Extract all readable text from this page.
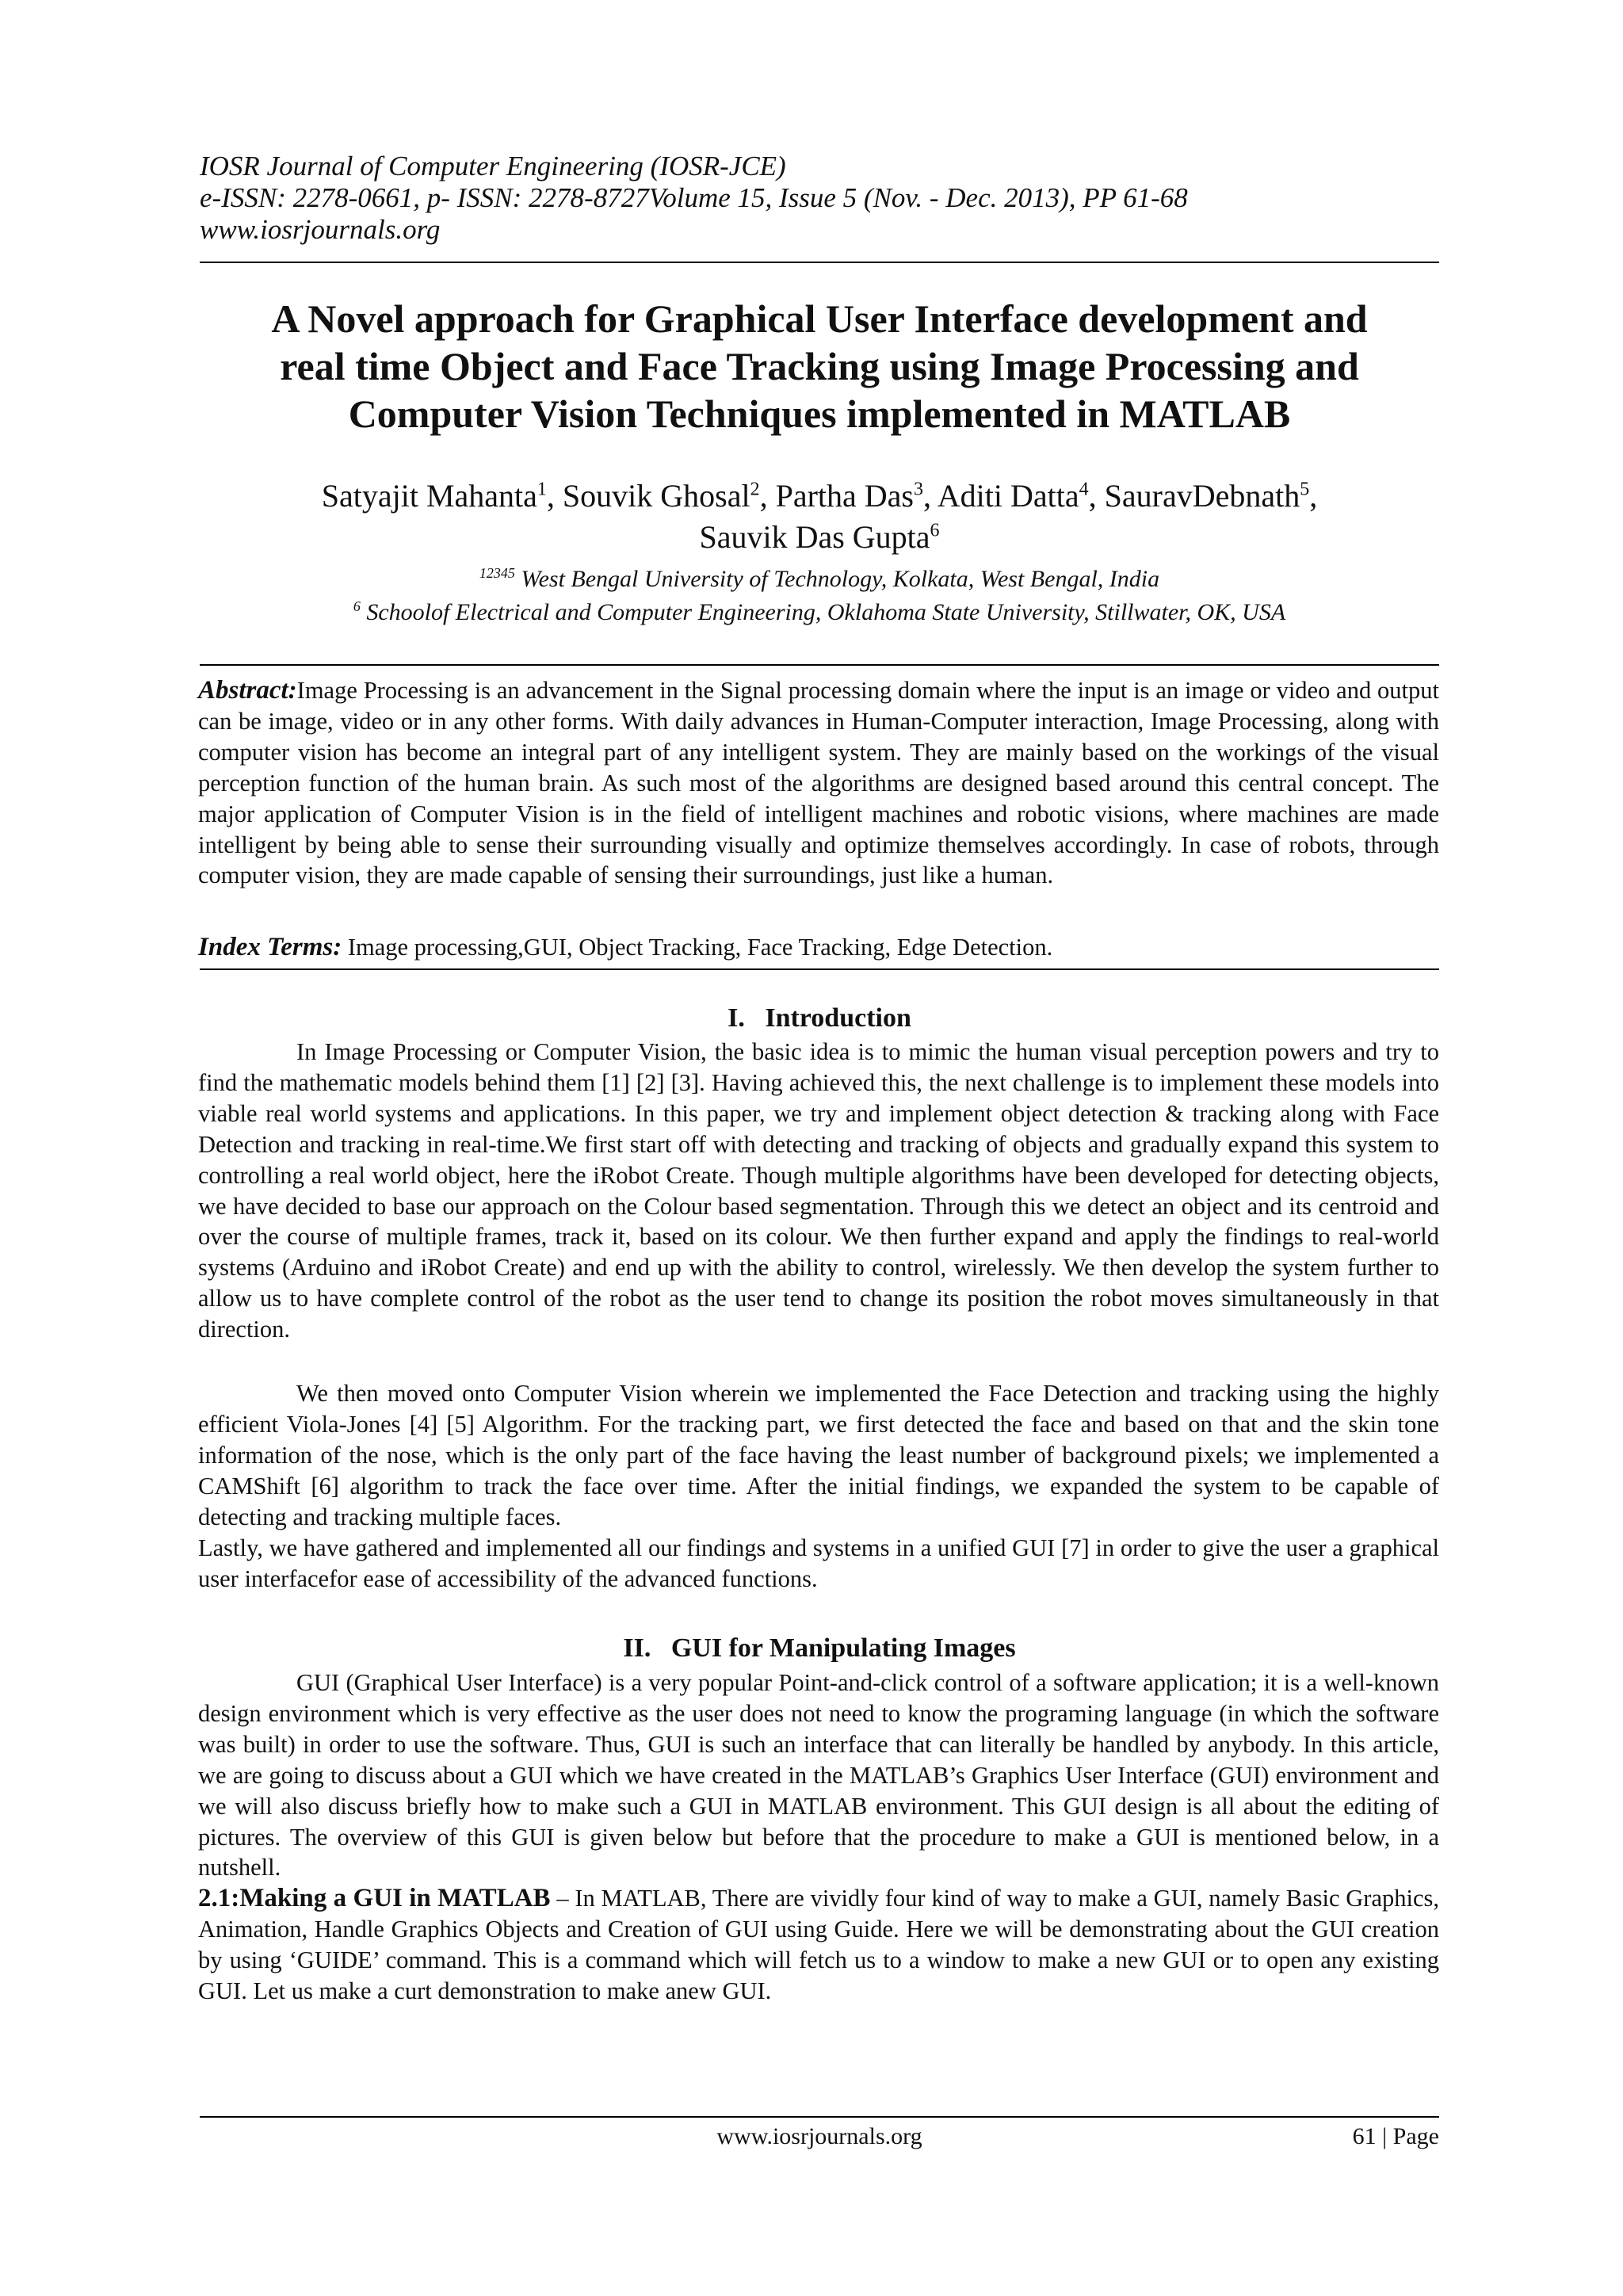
IOSR Journal of Computer Engineering (IOSR-JCE)
e-ISSN: 2278-0661, p- ISSN: 2278-8727Volume 15, Issue 5 (Nov. - Dec. 2013), PP 61-68
www.iosrjournals.org
A Novel approach for Graphical User Interface development and
real time Object and Face Tracking using Image Processing and
Computer Vision Techniques implemented in MATLAB
Satyajit Mahanta$^1$, Souvik Ghosal$^2$, Partha Das$^3$, Aditi Datta$^4$, SauravDebnath$^5$,
Sauvik Das Gupta$^6$
$^{12345}$ West Bengal University of Technology, Kolkata, West Bengal, India
$^6$ Schoolof Electrical and Computer Engineering, Oklahoma State University, Stillwater, OK, USA

Abstract:Image Processing is an advancement in the Signal processing domain where the input is an image or video and output can be image, video or in any other forms. With daily advances in Human-Computer interaction, Image Processing, along with computer vision has become an integral part of any intelligent system. They are mainly based on the workings of the visual perception function of the human brain. As such most of the algorithms are designed based around this central concept. The major application of Computer Vision is in the field of intelligent machines and robotic visions, where machines are made intelligent by being able to sense their surrounding visually and optimize themselves accordingly. In case of robots, through computer vision, they are made capable of sensing their surroundings, just like a human.

Index Terms: Image processing,GUI, Object Tracking, Face Tracking, Edge Detection.

I.   Introduction

In Image Processing or Computer Vision, the basic idea is to mimic the human visual perception powers and try to find the mathematic models behind them [1] [2] [3]. Having achieved this, the next challenge is to implement these models into viable real world systems and applications. In this paper, we try and implement object detection & tracking along with Face Detection and tracking in real-time.We first start off with detecting and tracking of objects and gradually expand this system to controlling a real world object, here the iRobot Create. Though multiple algorithms have been developed for detecting objects, we have decided to base our approach on the Colour based segmentation. Through this we detect an object and its centroid and over the course of multiple frames, track it, based on its colour. We then further expand and apply the findings to real-world systems (Arduino and iRobot Create) and end up with the ability to control, wirelessly. We then develop the system further to allow us to have complete control of the robot as the user tend to change its position the robot moves simultaneously in that direction.

We then moved onto Computer Vision wherein we implemented the Face Detection and tracking using the highly efficient Viola-Jones [4] [5] Algorithm. For the tracking part, we first detected the face and based on that and the skin tone information of the nose, which is the only part of the face having the least number of background pixels; we implemented a CAMShift [6] algorithm to track the face over time. After the initial findings, we expanded the system to be capable of detecting and tracking multiple faces.

Lastly, we have gathered and implemented all our findings and systems in a unified GUI [7] in order to give the user a graphical user interfacefor ease of accessibility of the advanced functions.

II.   GUI for Manipulating Images

GUI (Graphical User Interface) is a very popular Point-and-click control of a software application; it is a well-known design environment which is very effective as the user does not need to know the programing language (in which the software was built) in order to use the software. Thus, GUI is such an interface that can literally be handled by anybody. In this article, we are going to discuss about a GUI which we have created in the MATLAB’s Graphics User Interface (GUI) environment and we will also discuss briefly how to make such a GUI in MATLAB environment. This GUI design is all about the editing of pictures. The overview of this GUI is given below but before that the procedure to make a GUI is mentioned below, in a nutshell.

2.1:Making a GUI in MATLAB – In MATLAB, There are vividly four kind of way to make a GUI, namely Basic Graphics, Animation, Handle Graphics Objects and Creation of GUI using Guide. Here we will be demonstrating about the GUI creation by using ‘GUIDE’ command. This is a command which will fetch us to a window to make a new GUI or to open any existing GUI. Let us make a curt demonstration to make anew GUI.

www.iosrjournals.org	61 | Page
